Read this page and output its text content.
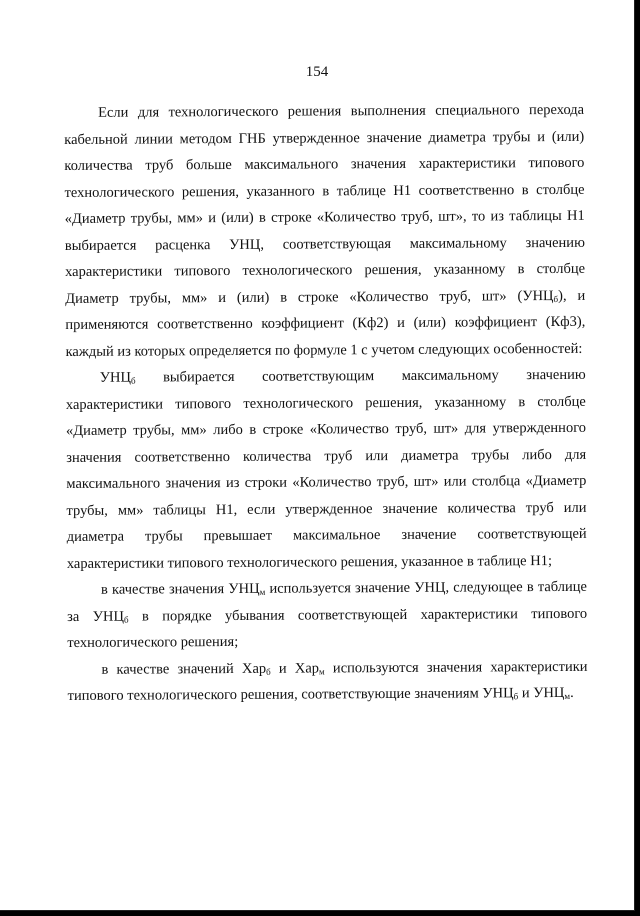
154

Если для технологического решения выполнения специального перехода кабельной линии методом ГНБ утвержденное значение диаметра трубы и (или) количества труб больше максимального значения характеристики типового технологического решения, указанного в таблице Н1 соответственно в столбце «Диаметр трубы, мм» и (или) в строке «Количество труб, шт», то из таблицы Н1 выбирается расценка УНЦ, соответствующая максимальному значению характеристики типового технологического решения, указанному в столбце Диаметр трубы, мм» и (или) в строке «Количество труб, шт» $(УНЦ_б)$, и применяются соответственно коэффициент (Кф2) и (или) коэффициент (Кф3), каждый из которых определяется по формуле 1 с учетом следующих особенностей:

$УНЦ_б$ выбирается соответствующим максимальному значению характеристики типового технологического решения, указанному в столбце «Диаметр трубы, мм» либо в строке «Количество труб, шт» для утвержденного значения соответственно количества труб или диаметра трубы либо для максимального значения из строки «Количество труб, шт» или столбца «Диаметр трубы, мм» таблицы Н1, если утвержденное значение количества труб или диаметра трубы превышает максимальное значение соответствующей характеристики типового технологического решения, указанное в таблице Н1;

в качестве значения $УНЦ_м$ используется значение УНЦ, следующее в таблице за $УНЦ_б$ в порядке убывания соответствующей характеристики типового технологического решения;

в качестве значений Хар$_б$ и Хар$_м$ используются значения характеристики типового технологического решения, соответствующие значениям $УНЦ_б$ и $УНЦ_м$.
